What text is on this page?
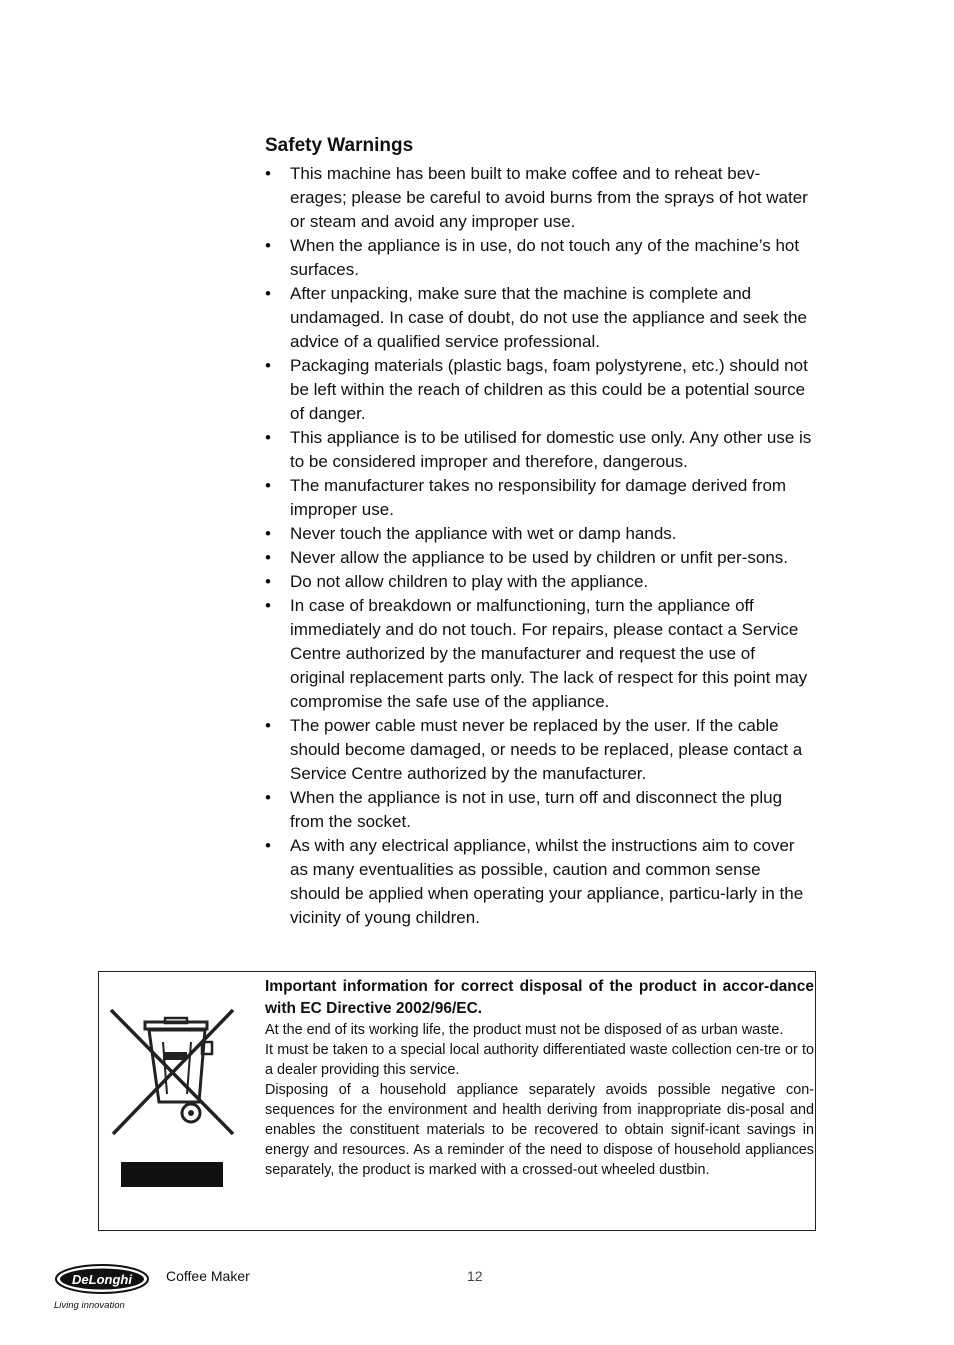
Safety Warnings
• This machine has been built to make coffee and to reheat bev-erages; please be careful to avoid burns from the sprays of hot water or steam and avoid any improper use.
• When the appliance is in use, do not touch any of the machine’s hot surfaces.
• After unpacking, make sure that the machine is complete and undamaged. In case of doubt, do not use the appliance and seek the advice of a qualified service professional.
• Packaging materials (plastic bags, foam polystyrene, etc.) should not be left within the reach of children as this could be a potential source of danger.
• This appliance is to be utilised for domestic use only. Any other use is to be considered improper and therefore, dangerous.
• The manufacturer takes no responsibility for damage derived from improper use.
• Never touch the appliance with wet or damp hands.
• Never allow the appliance to be used by children or unfit per-sons.
• Do not allow children to play with the appliance.
• In case of breakdown or malfunctioning, turn the appliance off immediately and do not touch. For repairs, please contact a Service Centre authorized by the manufacturer and request the use of original replacement parts only. The lack of respect for this point may compromise the safe use of the appliance.
• The power cable must never be replaced by the user. If the cable should become damaged, or needs to be replaced, please contact a Service Centre authorized by the manufacturer.
• When the appliance is not in use, turn off and disconnect the plug from the socket.
• As with any electrical appliance, whilst the instructions aim to cover as many eventualities as possible, caution and common sense should be applied when operating your appliance, particu-larly in the vicinity of young children.

Important information for correct disposal of the product in accor-dance with EC Directive 2002/96/EC.

At the end of its working life, the product must not be disposed of as urban waste.

It must be taken to a special local authority differentiated waste collection cen-tre or to a dealer providing this service.

Disposing of a household appliance separately avoids possible negative con-sequences for the environment and health deriving from inappropriate dis-posal and enables the constituent materials to be recovered to obtain signif-icant savings in energy and resources. As a reminder of the need to dispose of household appliances separately, the product is marked with a crossed-out wheeled dustbin.

DeLonghi
Living innovation
Coffee Maker	12
